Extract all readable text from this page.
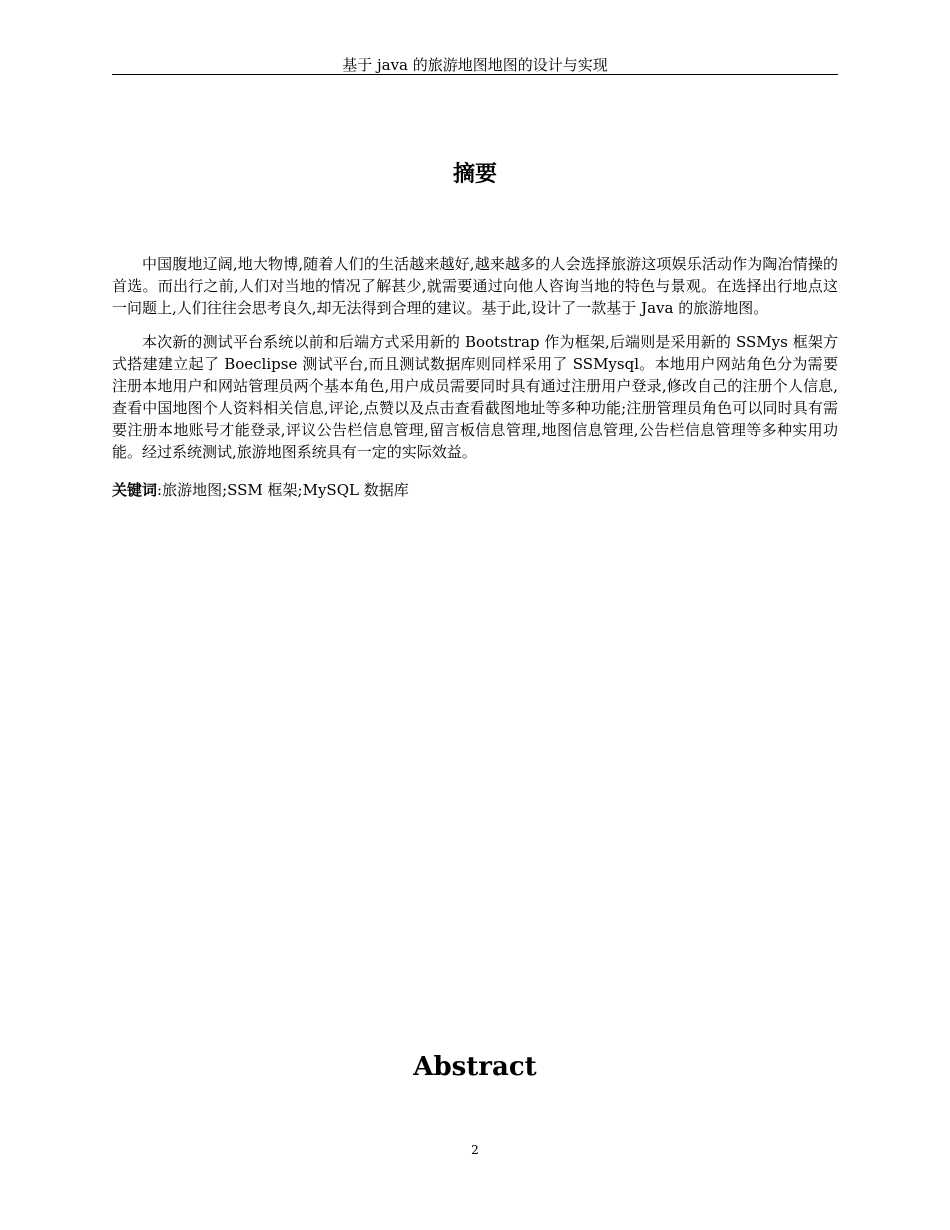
基于 java 的旅游地图地图的设计与实现
摘要

中国腹地辽阔,地大物博,随着人们的生活越来越好,越来越多的人会选择旅游这项娱乐活动作为陶冶情操的首选。而出行之前,人们对当地的情况了解甚少,就需要通过向他人咨询当地的特色与景观。在选择出行地点这一问题上,人们往往会思考良久,却无法得到合理的建议。基于此,设计了一款基于 Java 的旅游地图。

本次新的测试平台系统以前和后端方式采用新的 Bootstrap 作为框架,后端则是采用新的 SSMys 框架方式搭建建立起了 Boeclipse 测试平台,而且测试数据库则同样采用了 SSMysql。本地用户网站角色分为需要注册本地用户和网站管理员两个基本角色,用户成员需要同时具有通过注册用户登录,修改自己的注册个人信息,查看中国地图个人资料相关信息,评论,点赞以及点击查看截图地址等多种功能;注册管理员角色可以同时具有需要注册本地账号才能登录,评议公告栏信息管理,留言板信息管理,地图信息管理,公告栏信息管理等多种实用功能。经过系统测试,旅游地图系统具有一定的实际效益。

关键词:旅游地图;SSM 框架;MySQL 数据库
Abstract
2
